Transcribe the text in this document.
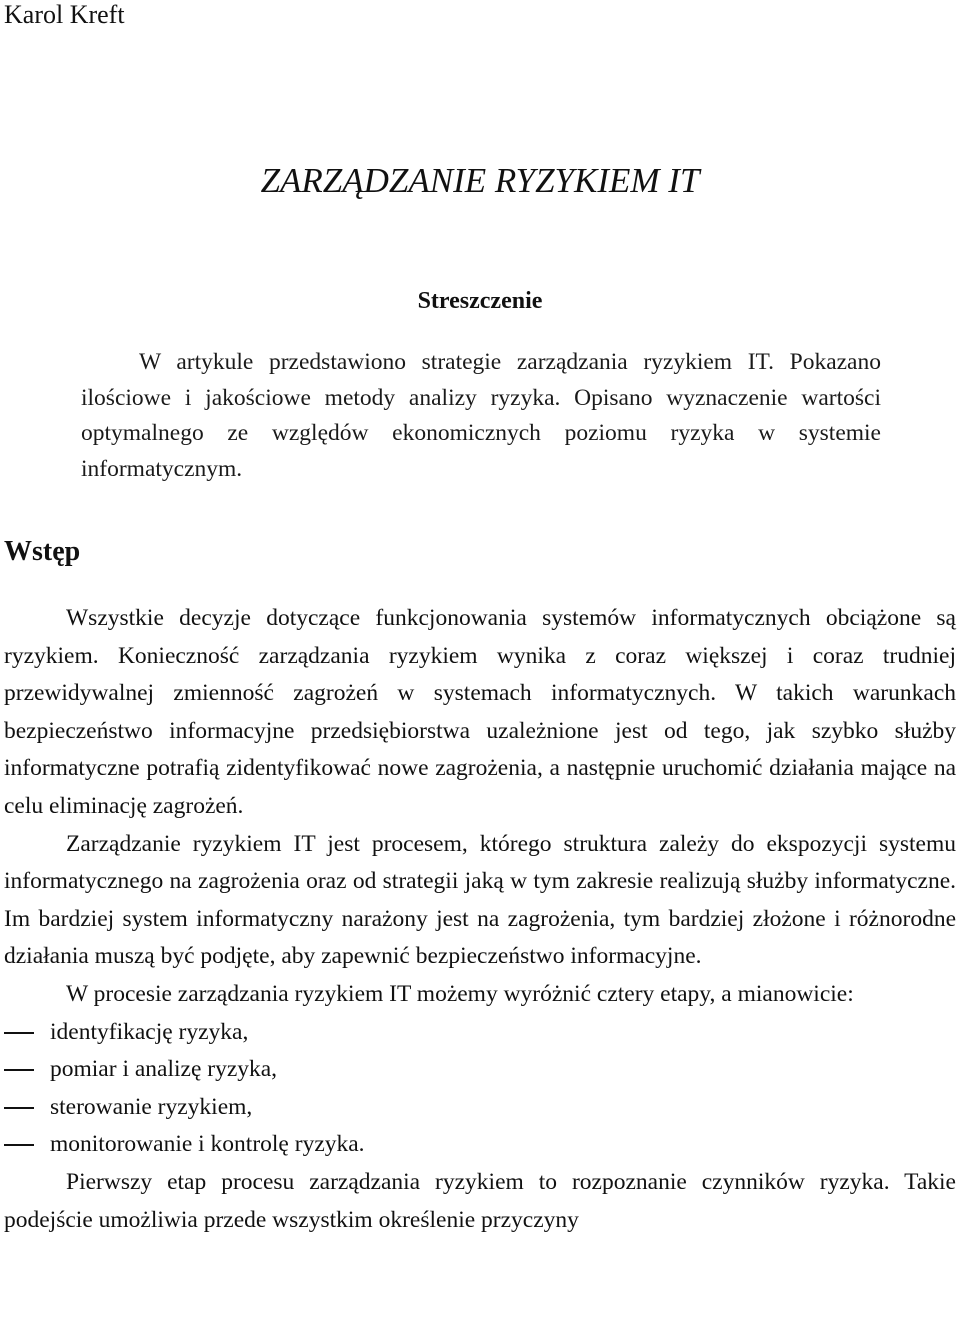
Karol Kreft
ZARZĄDZANIE RYZYKIEM IT
Streszczenie

W artykule przedstawiono strategie zarządzania ryzykiem IT. Pokazano ilościowe i jakościowe metody analizy ryzyka. Opisano wyznaczenie wartości optymalnego ze względów ekonomicznych poziomu ryzyka w systemie informatycznym.

Wstęp

Wszystkie decyzje dotyczące funkcjonowania systemów informatycznych obciążone są ryzykiem. Konieczność zarządzania ryzykiem wynika z coraz większej i coraz trudniej przewidywalnej zmienność zagrożeń w systemach informatycznych. W takich warunkach bezpieczeństwo informacyjne przedsiębiorstwa uzależnione jest od tego, jak szybko służby informatyczne potrafią zidentyfikować nowe zagrożenia, a następnie uruchomić działania mające na celu eliminację zagrożeń.

Zarządzanie ryzykiem IT jest procesem, którego struktura zależy do ekspozycji systemu informatycznego na zagrożenia oraz od strategii jaką w tym zakresie realizują służby informatyczne. Im bardziej system informatyczny narażony jest na zagrożenia, tym bardziej złożone i różnorodne działania muszą być podjęte, aby zapewnić bezpieczeństwo informacyjne.

W procesie zarządzania ryzykiem IT możemy wyróżnić cztery etapy, a mianowicie:

identyfikację ryzyka,
pomiar i analizę ryzyka,
sterowanie ryzykiem,
monitorowanie i kontrolę ryzyka.

Pierwszy etap procesu zarządzania ryzykiem to rozpoznanie czynników ryzyka. Takie podejście umożliwia przede wszystkim określenie przyczyny
